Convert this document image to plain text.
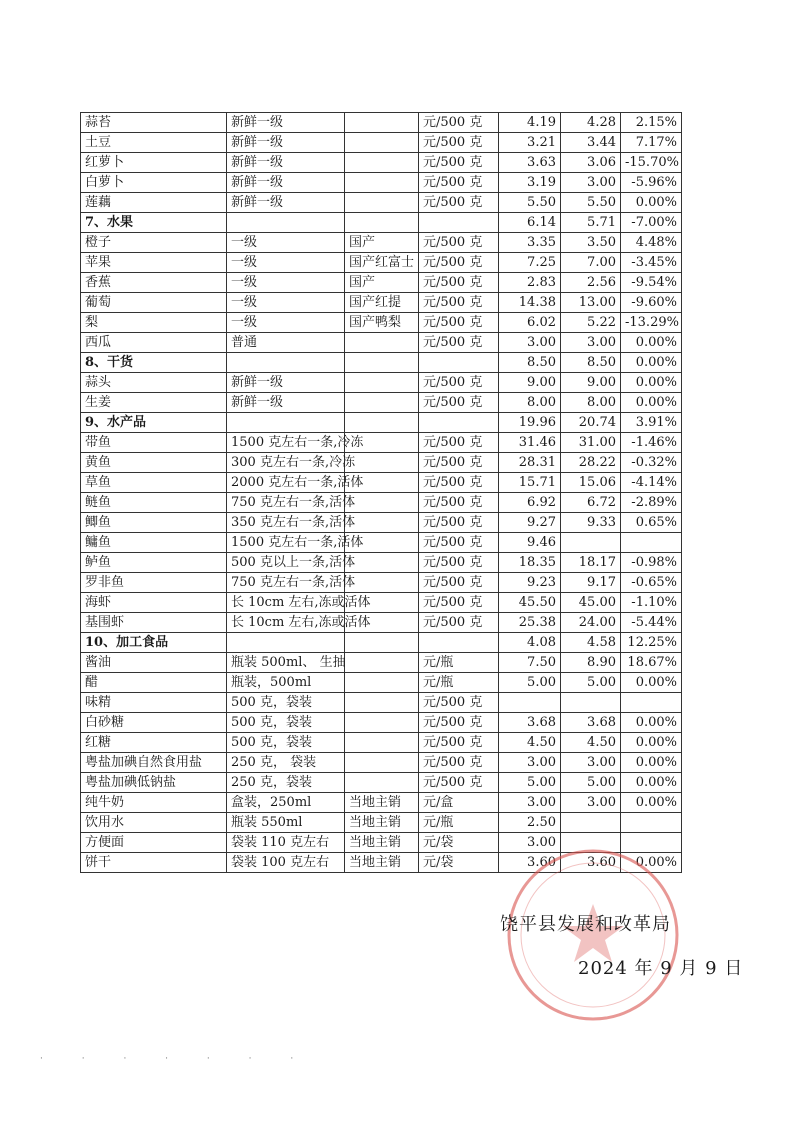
蒜苔	新鲜一级		元/500 克	4.19	4.28	2.15%
土豆	新鲜一级		元/500 克	3.21	3.44	7.17%
红萝卜	新鲜一级		元/500 克	3.63	3.06	-15.70%
白萝卜	新鲜一级		元/500 克	3.19	3.00	-5.96%
莲藕	新鲜一级		元/500 克	5.50	5.50	0.00%
7、水果				6.14	5.71	-7.00%
橙子	一级	国产	元/500 克	3.35	3.50	4.48%
苹果	一级	国产红富士	元/500 克	7.25	7.00	-3.45%
香蕉	一级	国产	元/500 克	2.83	2.56	-9.54%
葡萄	一级	国产红提	元/500 克	14.38	13.00	-9.60%
梨	一级	国产鸭梨	元/500 克	6.02	5.22	-13.29%
西瓜	普通		元/500 克	3.00	3.00	0.00%
8、干货				8.50	8.50	0.00%
蒜头	新鲜一级		元/500 克	9.00	9.00	0.00%
生姜	新鲜一级		元/500 克	8.00	8.00	0.00%
9、水产品				19.96	20.74	3.91%
带鱼	1500 克左右一条,冷冻		元/500 克	31.46	31.00	-1.46%
黄鱼	300 克左右一条,冷冻		元/500 克	28.31	28.22	-0.32%
草鱼	2000 克左右一条,活体		元/500 克	15.71	15.06	-4.14%
鲢鱼	750 克左右一条,活体		元/500 克	6.92	6.72	-2.89%
鲫鱼	350 克左右一条,活体		元/500 克	9.27	9.33	0.65%
鳙鱼	1500 克左右一条,活体		元/500 克	9.46		
鲈鱼	500 克以上一条,活体		元/500 克	18.35	18.17	-0.98%
罗非鱼	750 克左右一条,活体		元/500 克	9.23	9.17	-0.65%
海虾	长 10cm 左右,冻或活体		元/500 克	45.50	45.00	-1.10%
基围虾	长 10cm 左右,冻或活体		元/500 克	25.38	24.00	-5.44%
10、加工食品				4.08	4.58	12.25%
酱油	瓶装 500ml、 生抽		元/瓶	7.50	8.90	18.67%
醋	瓶装，500ml		元/瓶	5.00	5.00	0.00%
味精	500 克，袋装		元/500 克			
白砂糖	500 克，袋装		元/500 克	3.68	3.68	0.00%
红糖	500 克，袋装		元/500 克	4.50	4.50	0.00%
粤盐加碘自然食用盐	250 克， 袋装		元/500 克	3.00	3.00	0.00%
粤盐加碘低钠盐	250 克，袋装		元/500 克	5.00	5.00	0.00%
纯牛奶	盒装，250ml	当地主销	元/盒	3.00	3.00	0.00%
饮用水	瓶装 550ml	当地主销	元/瓶	2.50		
方便面	袋装 110 克左右	当地主销	元/袋	3.00		
饼干	袋装 100 克左右	当地主销	元/袋	3.60	3.60	0.00%
饶平县发展和改革局
2024 年 9 月 9 日
· · · · · · ·
